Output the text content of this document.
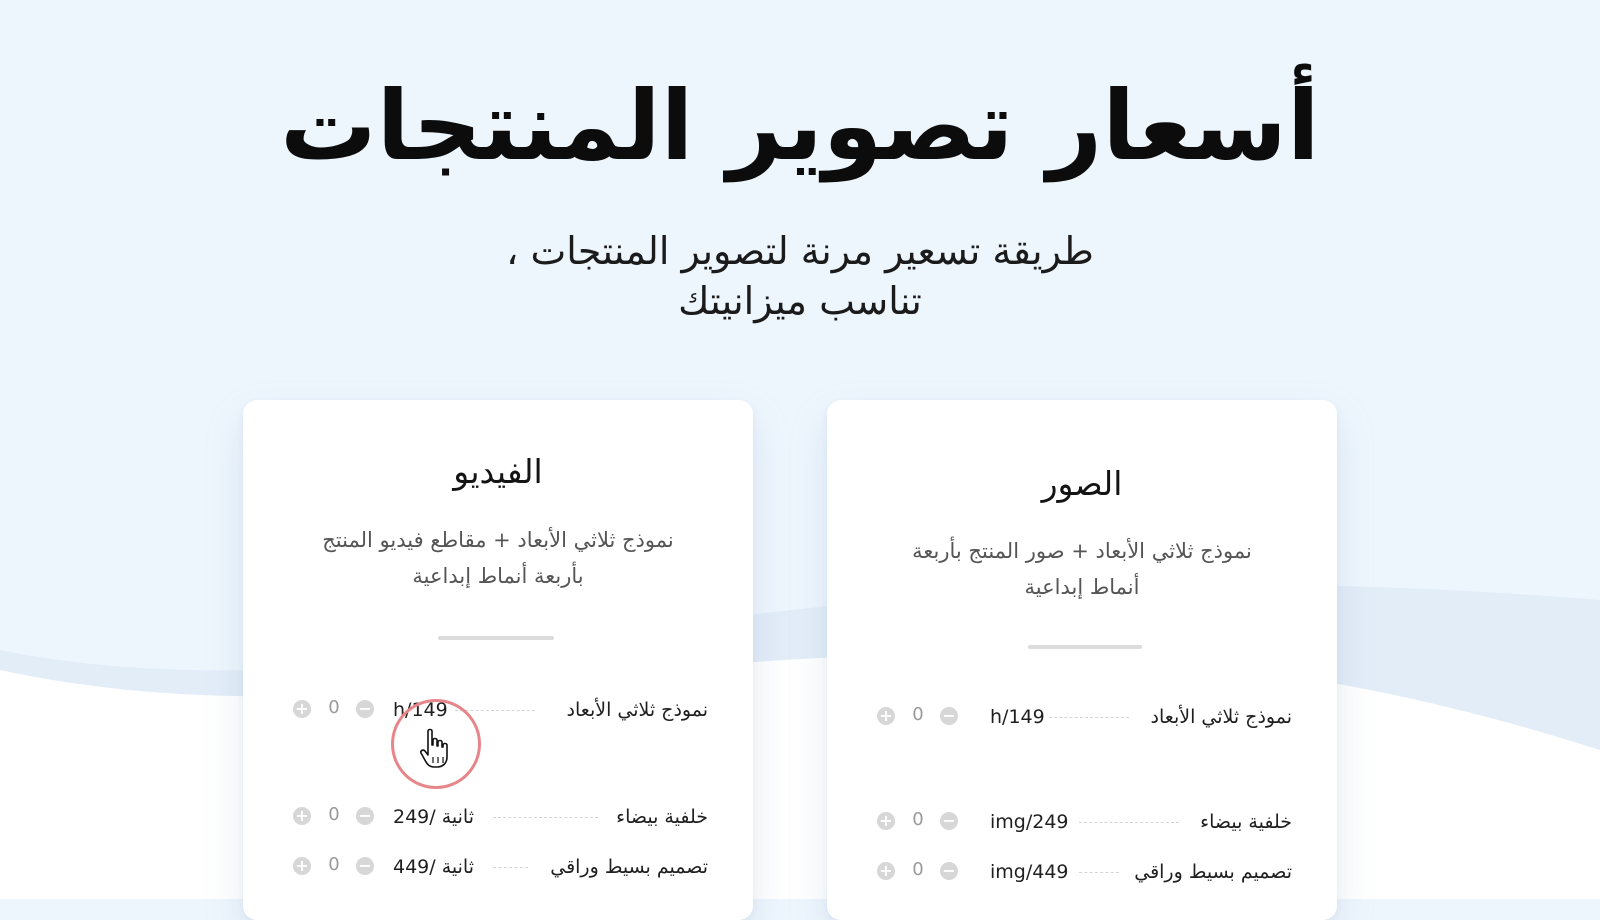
أسعار تصوير المنتجات
طريقة تسعير مرنة لتصوير المنتجات ،
تناسب ميزانيتك
الفيديو
نموذج ثلاثي الأبعاد + مقاطع فيديو المنتج بأربعة أنماط إبداعية
نموذج ثلاثي الأبعاد
h/149
+ 0 −
خلفية بيضاء
249/ ثانية
+ 0 −
تصميم بسيط وراقي
449/ ثانية
+ 0 −
الصور
نموذج ثلاثي الأبعاد + صور المنتج بأربعة أنماط إبداعية
نموذج ثلاثي الأبعاد
h/149
+ 0 −
خلفية بيضاء
img/249
+ 0 −
تصميم بسيط وراقي
img/449
+ 0 −
